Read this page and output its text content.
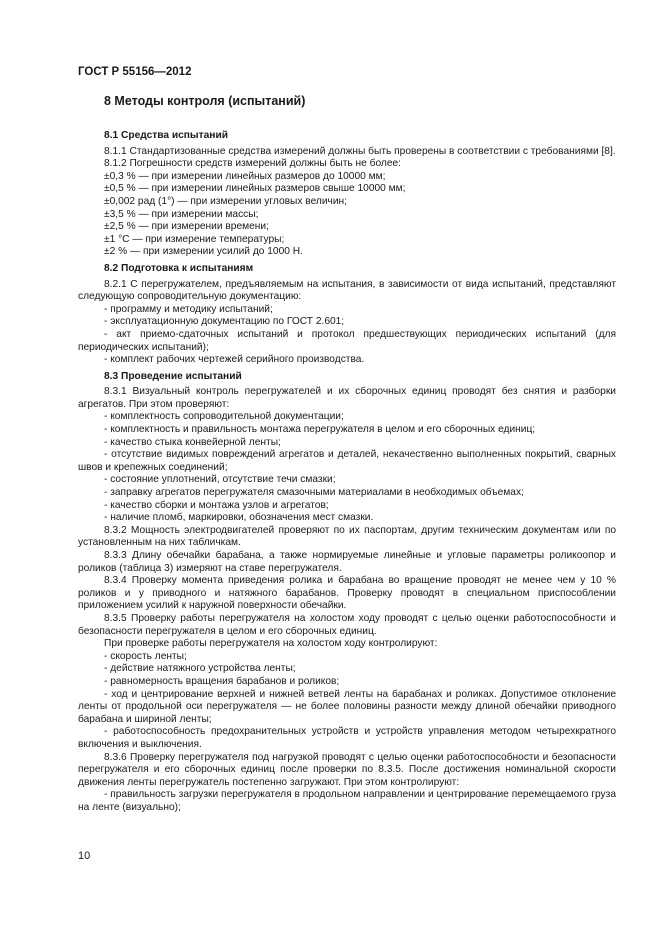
ГОСТ Р 55156—2012

8 Методы контроля (испытаний)

8.1 Средства испытаний

8.1.1 Стандартизованные средства измерений должны быть проверены в соответствии с требованиями [8].

8.1.2 Погрешности средств измерений должны быть не более:

±0,3 % — при измерении линейных размеров до 10000 мм;

±0,5 % — при измерении линейных размеров свыше 10000 мм;

±0,002 рад (1°) — при измерении угловых величин;

±3,5 % — при измерении массы;

±2,5 % — при измерении времени;

±1 °С — при измерение температуры;

±2 % — при измерении усилий до 1000 Н.

8.2 Подготовка к испытаниям

8.2.1 С перегружателем, предъявляемым на испытания, в зависимости от вида испытаний, представляют следующую сопроводительную документацию:

- программу и методику испытаний;

- эксплуатационную документацию по ГОСТ 2.601;

- акт приемо-сдаточных испытаний и протокол предшествующих периодических испытаний (для периодических испытаний);

- комплект рабочих чертежей серийного производства.

8.3 Проведение испытаний

8.3.1 Визуальный контроль перегружателей и их сборочных единиц проводят без снятия и разборки агрегатов. При этом проверяют:

- комплектность сопроводительной документации;

- комплектность и правильность монтажа перегружателя в целом и его сборочных единиц;

- качество стыка конвейерной ленты;

- отсутствие видимых повреждений агрегатов и деталей, некачественно выполненных покрытий, сварных швов и крепежных соединений;

- состояние уплотнений, отсутствие течи смазки;

- заправку агрегатов перегружателя смазочными материалами в необходимых объемах;

- качество сборки и монтажа узлов и агрегатов;

- наличие пломб, маркировки, обозначения мест смазки.

8.3.2 Мощность электродвигателей проверяют по их паспортам, другим техническим документам или по установленным на них табличкам.

8.3.3 Длину обечайки барабана, а также нормируемые линейные и угловые параметры роликоопор и роликов (таблица 3) измеряют на ставе перегружателя.

8.3.4 Проверку момента приведения ролика и барабана во вращение проводят не менее чем у 10 % роликов и у приводного и натяжного барабанов. Проверку проводят в специальном приспособлении приложением усилий к наружной поверхности обечайки.

8.3.5 Проверку работы перегружателя на холостом ходу проводят с целью оценки работоспособности и безопасности перегружателя в целом и его сборочных единиц.

При проверке работы перегружателя на холостом ходу контролируют:

- скорость ленты;

- действие натяжного устройства ленты;

- равномерность вращения барабанов и роликов;

- ход и центрирование верхней и нижней ветвей ленты на барабанах и роликах. Допустимое отклонение ленты от продольной оси перегружателя — не более половины разности между длиной обечайки приводного барабана и шириной ленты;

- работоспособность предохранительных устройств и устройств управления методом четырехкратного включения и выключения.

8.3.6 Проверку перегружателя под нагрузкой проводят с целью оценки работоспособности и безопасности перегружателя и его сборочных единиц после проверки по 8.3.5. После достижения номинальной скорости движения ленты перегружатель постепенно загружают. При этом контролируют:

- правильность загрузки перегружателя в продольном направлении и центрирование перемещаемого груза на ленте (визуально);

10
